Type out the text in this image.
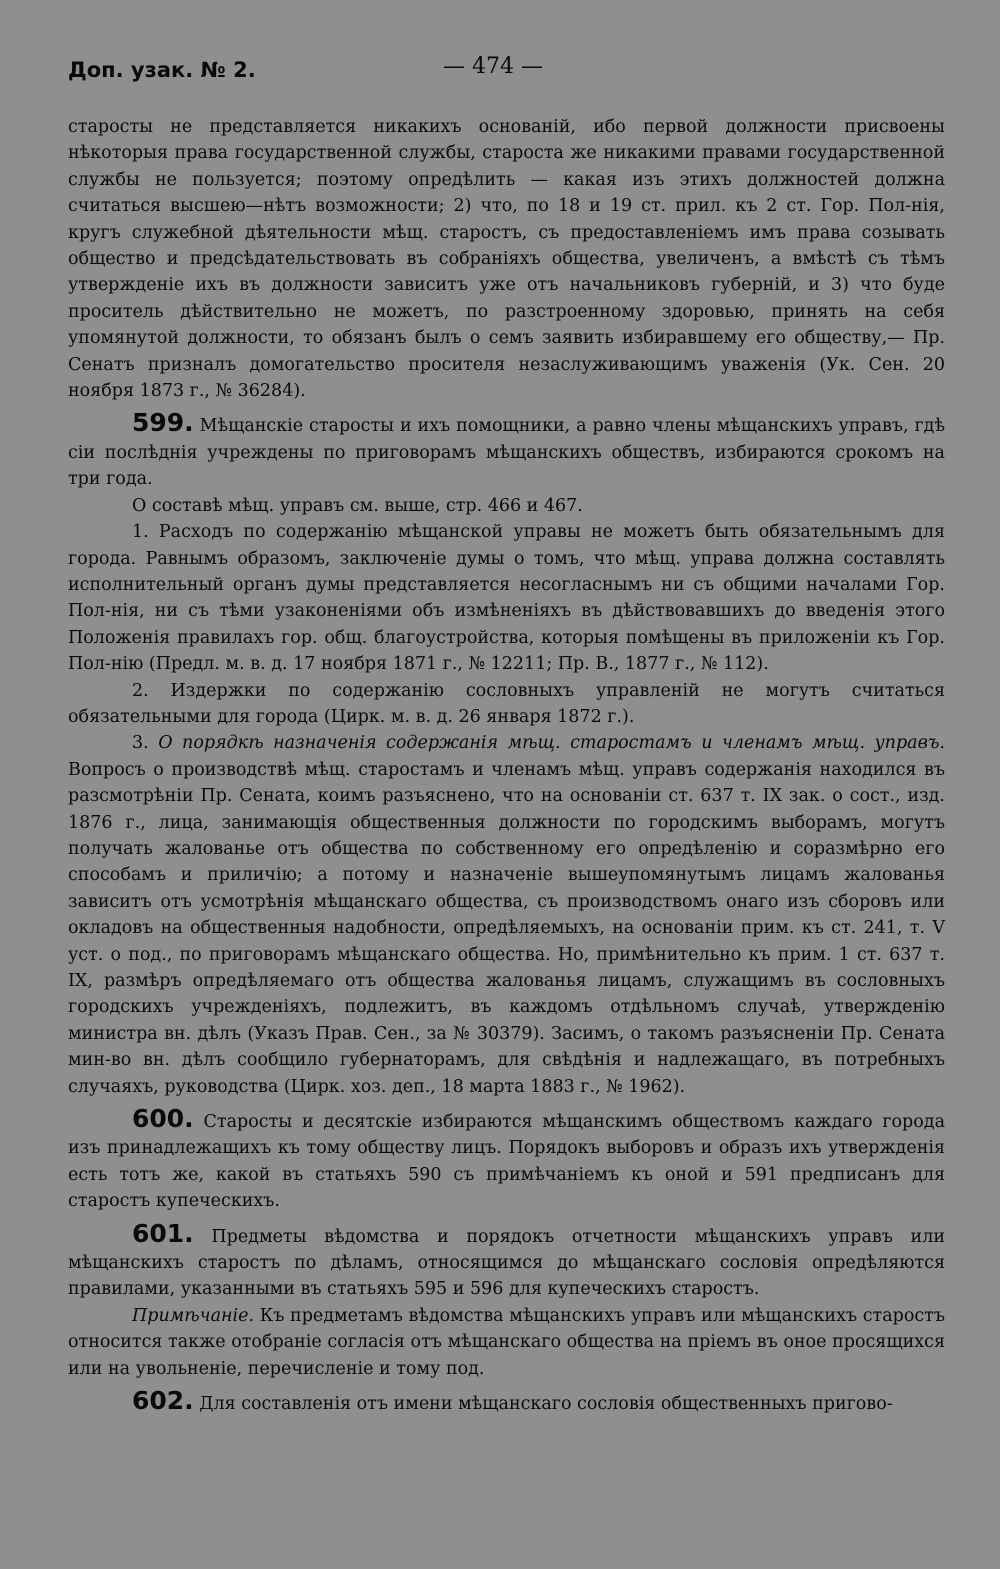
Доп. узак. № 2.	— 474 —

старосты не представляется никакихъ основаній, ибо первой должности присвоены нѣкоторыя права государственной службы, староста же никакими правами государственной службы не пользуется; поэтому опредѣлить — какая изъ этихъ должностей должна считаться высшею—нѣтъ возможности; 2) что, по 18 и 19 ст. прил. къ 2 ст. Гор. Пол-нія, кругъ служебной дѣятельности мѣщ. старостъ, съ предоставленіемъ имъ права созывать общество и предсѣдательствовать въ собраніяхъ общества, увеличенъ, а вмѣстѣ съ тѣмъ утвержденіе ихъ въ должности зависитъ уже отъ начальниковъ губерній, и 3) что буде проситель дѣйствительно не можетъ, по разстроенному здоровью, принять на себя упомянутой должности, то обязанъ былъ о семъ заявить избиравшему его обществу,— Пр. Сенатъ призналъ домогательство просителя незаслуживающимъ уваженія (Ук. Сен. 20 ноября 1873 г., № 36284).

599. Мѣщанскіе старосты и ихъ помощники, а равно члены мѣщанскихъ управъ, гдѣ сіи послѣднія учреждены по приговорамъ мѣщанскихъ обществъ, избираются срокомъ на три года.

О составѣ мѣщ. управъ см. выше, стр. 466 и 467.

1. Расходъ по содержанію мѣщанской управы не можетъ быть обязательнымъ для города. Равнымъ образомъ, заключеніе думы о томъ, что мѣщ. управа должна составлять исполнительный органъ думы представляется несогласнымъ ни съ общими началами Гор. Пол-нія, ни съ тѣми узаконеніями объ измѣненіяхъ въ дѣйствовавшихъ до введенія этого Положенія правилахъ гор. общ. благоустройства, которыя помѣщены въ приложеніи къ Гор. Пол-нію (Предл. м. в. д. 17 ноября 1871 г., № 12211; Пр. В., 1877 г., № 112).

2. Издержки по содержанію сословныхъ управленій не могутъ считаться обязательными для города (Цирк. м. в. д. 26 января 1872 г.).

3. О порядкѣ назначенія содержанія мѣщ. старостамъ и членамъ мѣщ. управъ. Вопросъ о производствѣ мѣщ. старостамъ и членамъ мѣщ. управъ содержанія находился въ разсмотрѣніи Пр. Сената, коимъ разъяснено, что на основаніи ст. 637 т. IX зак. о сост., изд. 1876 г., лица, занимающія общественныя должности по городскимъ выборамъ, могутъ получать жалованье отъ общества по собственному его опредѣленію и соразмѣрно его способамъ и приличію; а потому и назначеніе вышеупомянутымъ лицамъ жалованья зависитъ отъ усмотрѣнія мѣщанскаго общества, съ производствомъ онаго изъ сборовъ или окладовъ на общественныя надобности, опредѣляемыхъ, на основаніи прим. къ ст. 241, т. V уст. о под., по приговорамъ мѣщанскаго общества. Но, примѣнительно къ прим. 1 ст. 637 т. IX, размѣръ опредѣляемаго отъ общества жалованья лицамъ, служащимъ въ сословныхъ городскихъ учрежденіяхъ, подлежитъ, въ каждомъ отдѣльномъ случаѣ, утвержденію министра вн. дѣлъ (Указъ Прав. Сен., за № 30379). Засимъ, о такомъ разъясненіи Пр. Сената мин-во вн. дѣлъ сообщило губернаторамъ, для свѣдѣнія и надлежащаго, въ потребныхъ случаяхъ, руководства (Цирк. хоз. деп., 18 марта 1883 г., № 1962).

600. Старосты и десятскіе избираются мѣщанскимъ обществомъ каждаго города изъ принадлежащихъ къ тому обществу лицъ. Порядокъ выборовъ и образъ ихъ утвержденія есть тотъ же, какой въ статьяхъ 590 съ примѣчаніемъ къ оной и 591 предписанъ для старостъ купеческихъ.

601. Предметы вѣдомства и порядокъ отчетности мѣщанскихъ управъ или мѣщанскихъ старостъ по дѣламъ, относящимся до мѣщанскаго сословія опредѣляются правилами, указанными въ статьяхъ 595 и 596 для купеческихъ старостъ.

Примѣчаніе. Къ предметамъ вѣдомства мѣщанскихъ управъ или мѣщанскихъ старостъ относится также отобраніе согласія отъ мѣщанскаго общества на пріемъ въ оное просящихся или на увольненіе, перечисленіе и тому под.

602. Для составленія отъ имени мѣщанскаго сословія общественныхъ пригово-
